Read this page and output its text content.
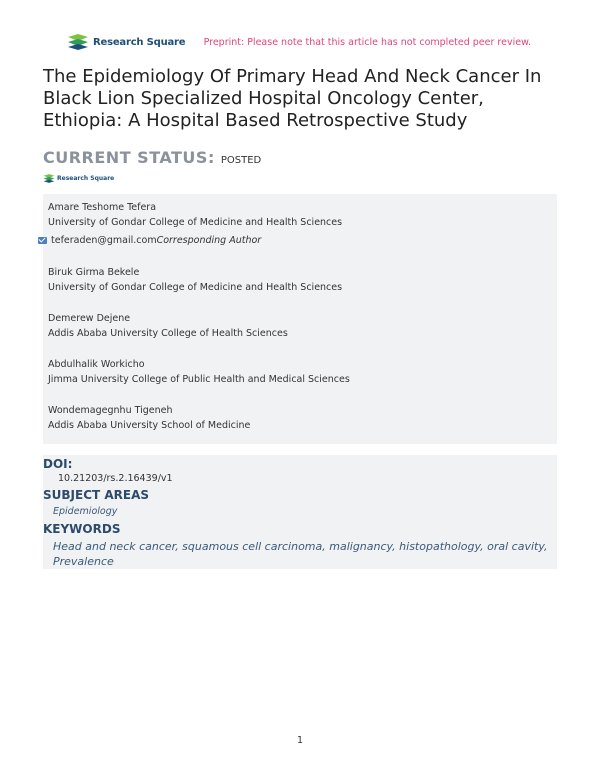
Research Square Preprint: Please note that this article has not completed peer review.
The Epidemiology Of Primary Head And Neck Cancer In Black Lion Specialized Hospital Oncology Center, Ethiopia: A Hospital Based Retrospective Study
CURRENT STATUS: POSTED
Research Square
Amare Teshome Tefera
University of Gondar College of Medicine and Health Sciences
teferaden@gmail.com Corresponding Author
Biruk Girma Bekele
University of Gondar College of Medicine and Health Sciences
Demerew Dejene
Addis Ababa University College of Health Sciences
Abdulhalik Workicho
Jimma University College of Public Health and Medical Sciences
Wondemagegnhu Tigeneh
Addis Ababa University School of Medicine
DOI:
10.21203/rs.2.16439/v1
SUBJECT AREAS
Epidemiology
KEYWORDS
Head and neck cancer, squamous cell carcinoma, malignancy, histopathology, oral cavity, Prevalence
1
